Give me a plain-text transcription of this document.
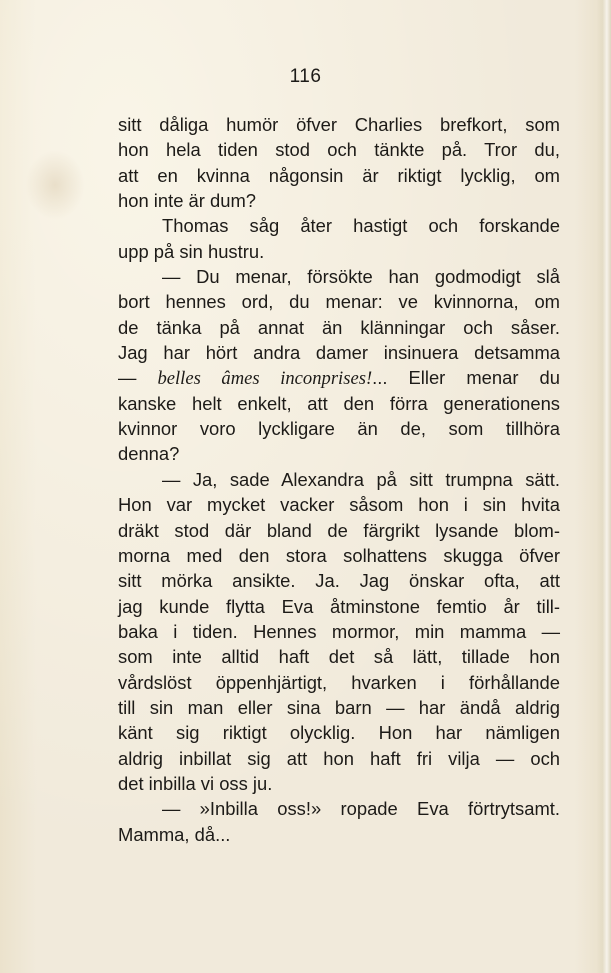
116
sitt dåliga humör öfver Charlies brefkort, som
hon hela tiden stod och tänkte på. Tror du,
att en kvinna någonsin är riktigt lycklig, om
hon inte är dum?
Thomas såg åter hastigt och forskande
upp på sin hustru.
— Du menar, försökte han godmodigt slå
bort hennes ord, du menar: ve kvinnorna, om
de tänka på annat än klänningar och såser.
Jag har hört andra damer insinuera detsamma
— belles âmes inconprises!... Eller menar du
kanske helt enkelt, att den förra generationens
kvinnor voro lyckligare än de, som tillhöra
denna?
— Ja, sade Alexandra på sitt trumpna sätt.
Hon var mycket vacker såsom hon i sin hvita
dräkt stod där bland de färgrikt lysande blom-
morna med den stora solhattens skugga öfver
sitt mörka ansikte. Ja. Jag önskar ofta, att
jag kunde flytta Eva åtminstone femtio år till-
baka i tiden. Hennes mormor, min mamma —
som inte alltid haft det så lätt, tillade hon
vårdslöst öppenhjärtigt, hvarken i förhållande
till sin man eller sina barn — har ändå aldrig
känt sig riktigt olycklig. Hon har nämligen
aldrig inbillat sig att hon haft fri vilja — och
det inbilla vi oss ju.
— »Inbilla oss!» ropade Eva förtrytsamt.
Mamma, då...
